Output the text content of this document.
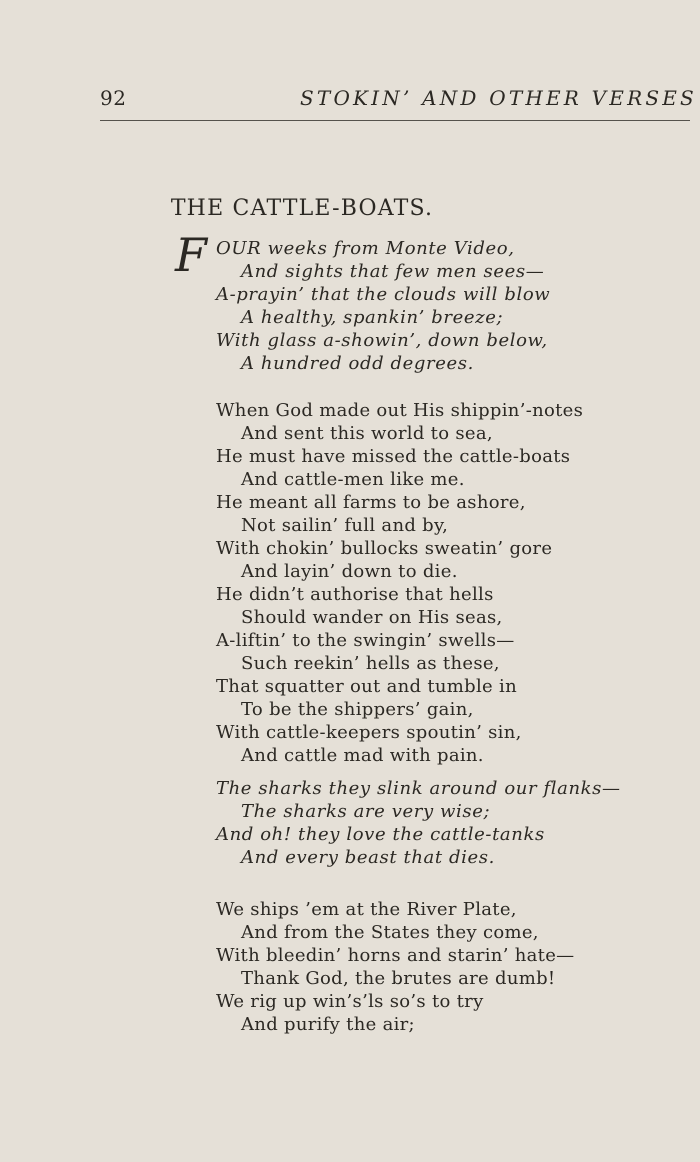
92	STOKIN’ AND OTHER VERSES
THE CATTLE-BOATS.
F OUR weeks from Monte Video,
And sights that few men sees—
A-prayin’ that the clouds will blow
A healthy, spankin’ breeze;
With glass a-showin’, down below,
A hundred odd degrees.
When God made out His shippin’-notes
And sent this world to sea,
He must have missed the cattle-boats
And cattle-men like me.
He meant all farms to be ashore,
Not sailin’ full and by,
With chokin’ bullocks sweatin’ gore
And layin’ down to die.
He didn’t authorise that hells
Should wander on His seas,
A-liftin’ to the swingin’ swells—
Such reekin’ hells as these,
That squatter out and tumble in
To be the shippers’ gain,
With cattle-keepers spoutin’ sin,
And cattle mad with pain.
The sharks they slink around our flanks—
The sharks are very wise;
And oh! they love the cattle-tanks
And every beast that dies.
We ships ’em at the River Plate,
And from the States they come,
With bleedin’ horns and starin’ hate—
Thank God, the brutes are dumb!
We rig up win’s’ls so’s to try
And purify the air;
